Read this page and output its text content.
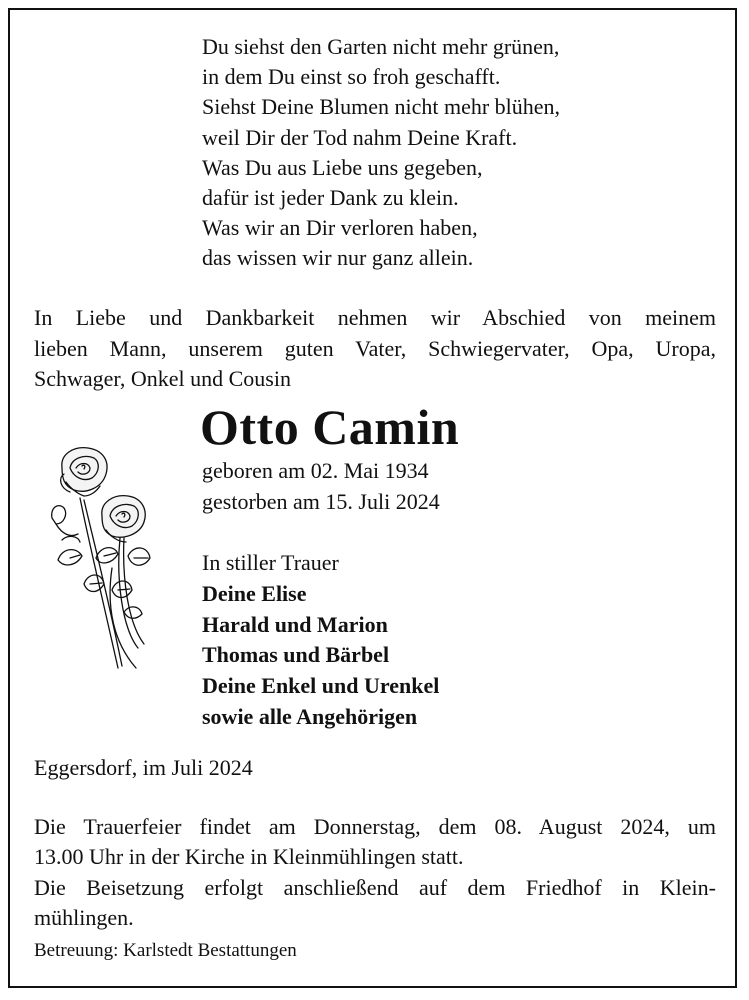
Du siehst den Garten nicht mehr grünen,
in dem Du einst so froh geschafft.
Siehst Deine Blumen nicht mehr blühen,
weil Dir der Tod nahm Deine Kraft.
Was Du aus Liebe uns gegeben,
dafür ist jeder Dank zu klein.
Was wir an Dir verloren haben,
das wissen wir nur ganz allein.
In Liebe und Dankbarkeit nehmen wir Abschied von meinem
lieben Mann, unserem guten Vater, Schwiegervater, Opa, Uropa,
Schwager, Onkel und Cousin
Otto Camin
geboren am 02. Mai 1934
gestorben am 15. Juli 2024
In stiller Trauer
Deine Elise
Harald und Marion
Thomas und Bärbel
Deine Enkel und Urenkel
sowie alle Angehörigen
Eggersdorf, im Juli 2024
Die Trauerfeier findet am Donnerstag, dem 08. August 2024, um
13.00 Uhr in der Kirche in Kleinmühlingen statt.
Die Beisetzung erfolgt anschließend auf dem Friedhof in Klein-
mühlingen.
Betreuung: Karlstedt Bestattungen
